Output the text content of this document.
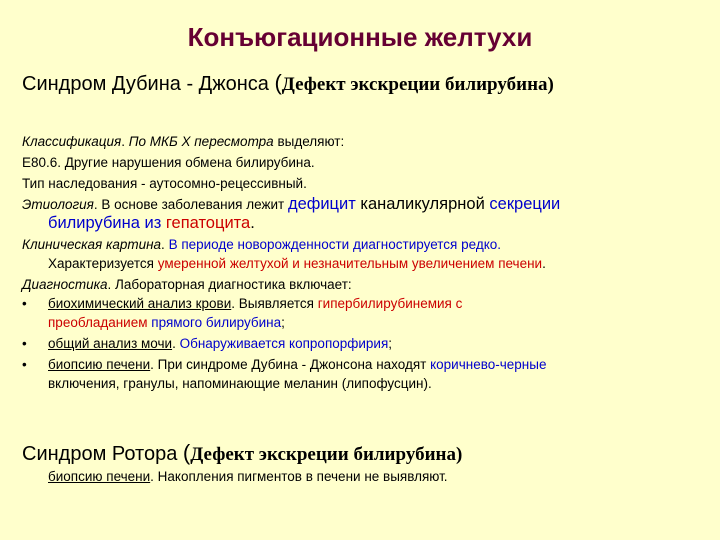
Конъюгационные желтухи
Синдром Дубина - Джонса (Дефект экскреции билирубина)
Классификация. По МКБ X пересмотра выделяют:
Е80.6. Другие нарушения обмена билирубина.
Тип наследования - аутосомно-рецессивный.
Этиология. В основе заболевания лежит дефицит каналикулярной секреции
билирубина из гепатоцита.
Клиническая картина. В периоде новорожденности диагностируется редко.
Характеризуется умеренной желтухой и незначительным увеличением печени.
Диагностика. Лабораторная диагностика включает:
• биохимический анализ крови. Выявляется гипербилирубинемия с
преобладанием прямого билирубина;
• общий анализ мочи. Обнаруживается копропорфирия;
• биопсию печени. При синдроме Дубина - Джонсона находят коричнево-черные
включения, гранулы, напоминающие меланин (липофусцин).
Синдром Ротора (Дефект экскреции билирубина)
биопсию печени. Накопления пигментов в печени не выявляют.
